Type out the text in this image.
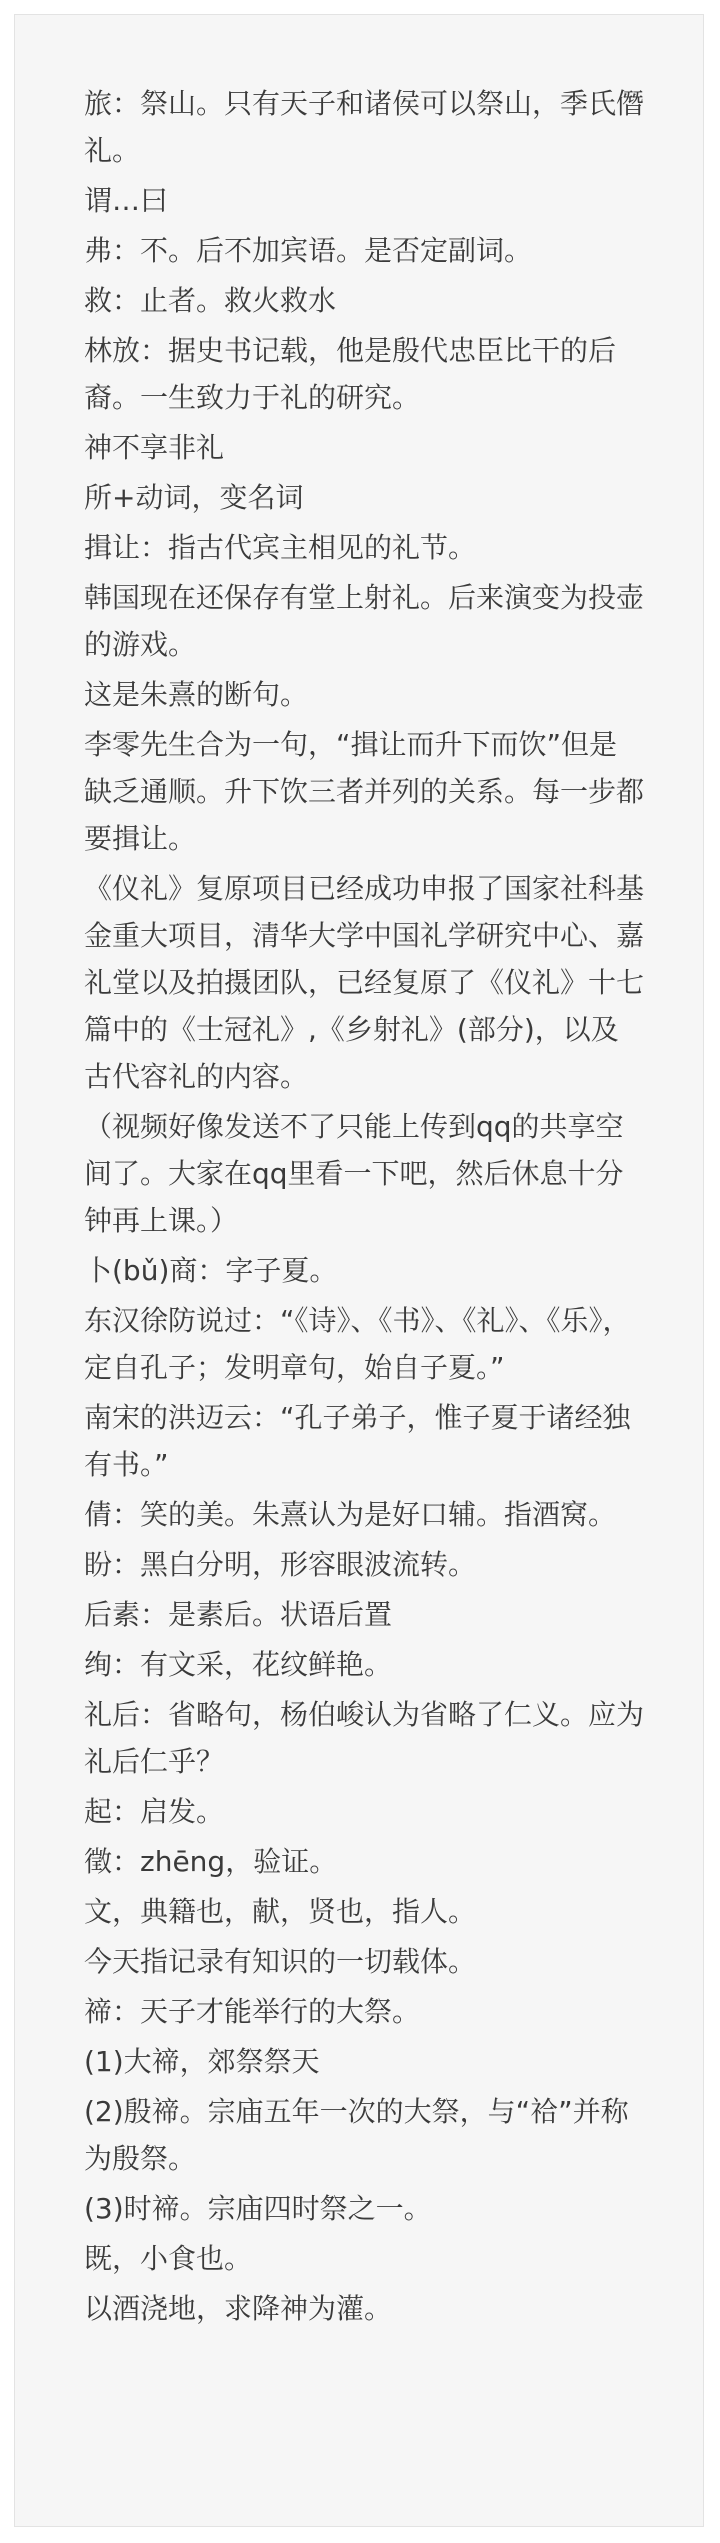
旅：祭山。只有天子和诸侯可以祭山，季氏僭礼。

谓…曰

弗：不。后不加宾语。是否定副词。

救：止者。救火救水

林放：据史书记载，他是殷代忠臣比干的后裔。一生致力于礼的研究。

神不享非礼

所+动词，变名词

揖让：指古代宾主相见的礼节。

韩国现在还保存有堂上射礼。后来演变为投壶的游戏。

这是朱熹的断句。

李零先生合为一句，“揖让而升下而饮”但是缺乏通顺。升下饮三者并列的关系。每一步都要揖让。

《仪礼》复原项目已经成功申报了国家社科基金重大项目，清华大学中国礼学研究中心、嘉礼堂以及拍摄团队，已经复原了《仪礼》十七篇中的《士冠礼》,《乡射礼》(部分)，以及古代容礼的内容。

（视频好像发送不了只能上传到qq的共享空间了。大家在qq里看一下吧，然后休息十分钟再上课。）

卜(bǔ)商：字子夏。

东汉徐防说过：“《诗》、《书》、《礼》、《乐》，定自孔子；发明章句，始自子夏。”

南宋的洪迈云：“孔子弟子，惟子夏于诸经独有书。”

倩：笑的美。朱熹认为是好口辅。指酒窝。

盼：黑白分明，形容眼波流转。

后素：是素后。状语后置

绚：有文采，花纹鲜艳。

礼后：省略句，杨伯峻认为省略了仁义。应为礼后仁乎？

起：启发。

徵：zhēng，验证。

文，典籍也，献，贤也，指人。

今天指记录有知识的一切载体。

禘：天子才能举行的大祭。

(1)大禘，郊祭祭天

(2)殷禘。宗庙五年一次的大祭，与“祫”并称为殷祭。

(3)时禘。宗庙四时祭之一。

既，小食也。

以酒浇地，求降神为灌。
